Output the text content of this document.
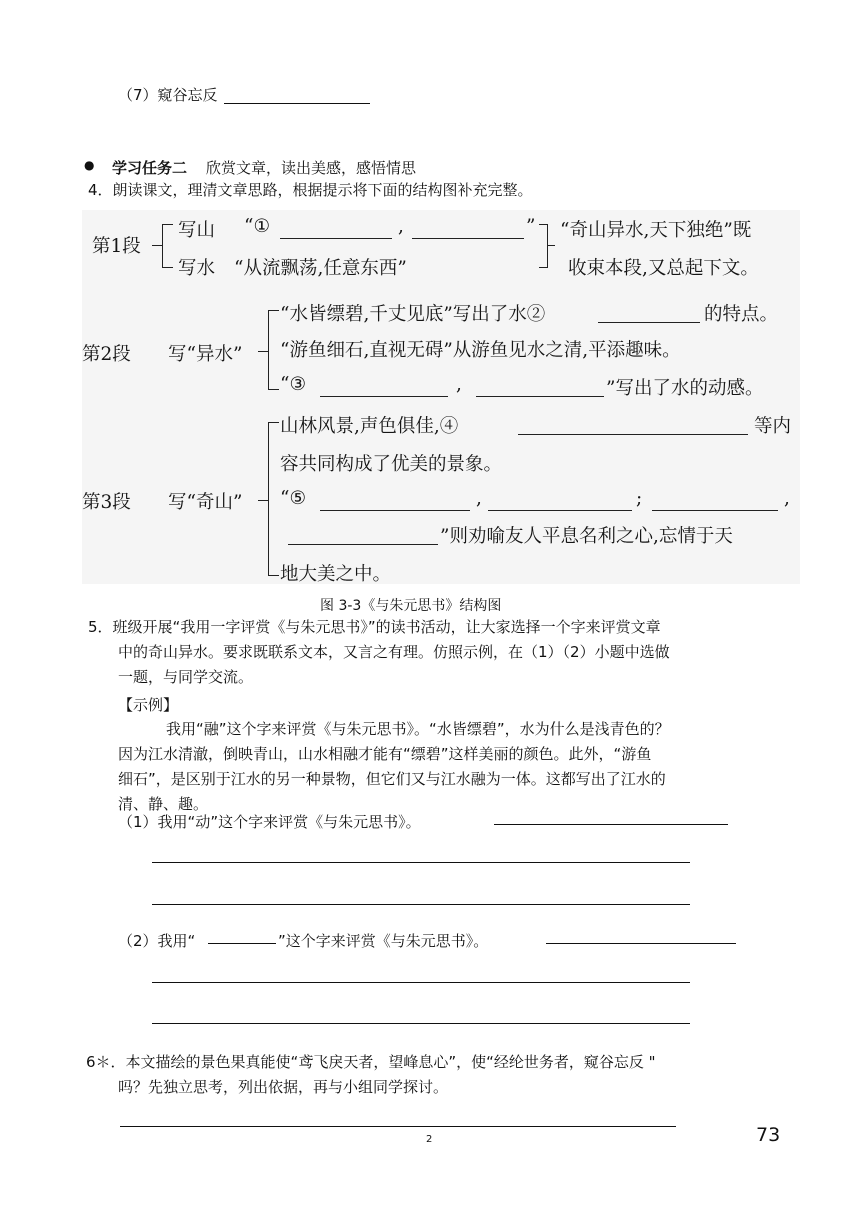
（7）窥谷忘反
● 学习任务二 欣赏文章，读出美感，感悟情思
4．朗读课文，理清文章思路，根据提示将下面的结构图补充完整。
第1段
写山 “①	,	”
写水 “从流飘荡,任意东西”
“奇山异水,天下独绝”既
收束本段,又总起下文。
第2段 写“异水”
“水皆缥碧,千丈见底”写出了水②	的特点。
“游鱼细石,直视无碍”从游鱼见水之清,平添趣味。
“③	,	”写出了水的动感。
第3段 写“奇山”
山林风景,声色俱佳,④	等内
容共同构成了优美的景象。
“⑤	,	;	,
”则劝喻友人平息名利之心,忘情于天
地大美之中。
图 3-3《与朱元思书》结构图
5．班级开展“我用一字评赏《与朱元思书》”的读书活动，让大家选择一个字来评赏文章
中的奇山异水。要求既联系文本，又言之有理。仿照示例，在（1）（2）小题中选做
一题，与同学交流。
【示例】
我用“融”这个字来评赏《与朱元思书》。“水皆缥碧”，水为什么是浅青色的？
因为江水清澈，倒映青山，山水相融才能有“缥碧”这样美丽的颜色。此外，“游鱼
细石”，是区别于江水的另一种景物，但它们又与江水融为一体。这都写出了江水的
清、静、趣。
（1）我用“动”这个字来评赏《与朱元思书》。
（2）我用“	”这个字来评赏《与朱元思书》。
6＊．本文描绘的景色果真能使“鸢飞戾天者，望峰息心”，使“经纶世务者，窥谷忘反 "
吗？先独立思考，列出依据，再与小组同学探讨。
2	73
